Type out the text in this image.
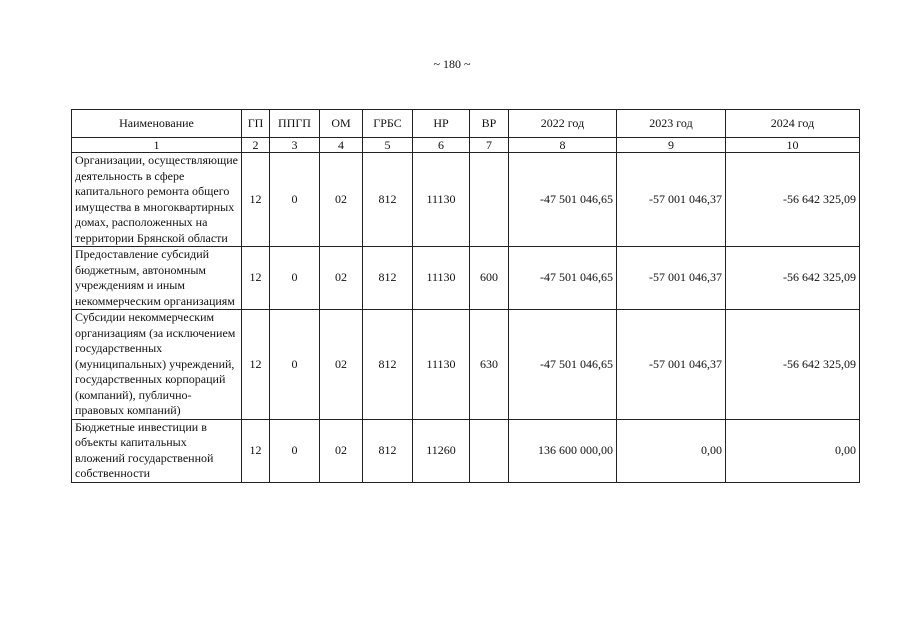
~ 180 ~
Наименование	ГП	ППГП	ОМ	ГРБС	НР	ВР	2022 год	2023 год	2024 год
1	2	3	4	5	6	7	8	9	10
Организации, осуществляющие деятельность в сфере капитального ремонта общего имущества в многоквартирных домах, расположенных на территории Брянской области	12	0	02	812	11130		-47 501 046,65	-57 001 046,37	-56 642 325,09
Предоставление субсидий бюджетным, автономным учреждениям и иным некоммерческим организациям	12	0	02	812	11130	600	-47 501 046,65	-57 001 046,37	-56 642 325,09
Субсидии некоммерческим организациям (за исключением государственных (муниципальных) учреждений, государственных корпораций (компаний), публично-правовых компаний)	12	0	02	812	11130	630	-47 501 046,65	-57 001 046,37	-56 642 325,09
Бюджетные инвестиции в объекты капитальных вложений государственной собственности	12	0	02	812	11260		136 600 000,00	0,00	0,00
